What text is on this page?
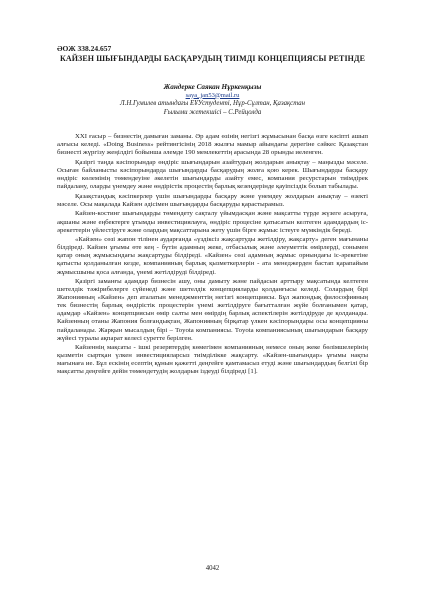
ӘОЖ 338.24.657
КАЙЗЕН ШЫҒЫНДАРДЫ БАСҚАРУДЫҢ ТИІМДІ КОНЦЕПЦИЯСЫ РЕТІНДЕ
Жандерке Саякан Нұркенқызы
saya_jan53@mail.ru
Л.Н.Гумилев атындағы ЕҰУстудентi, Нұр-Сұлтан, Қазақстан
Ғылыми жетекшісі – С.Рейцолда

ХХІ ғасыр – бизнестің дамыған заманы. Әр адам өзінің негізгі жұмысынан басқа өзге кәсіпті ашып алғысы келеді. «Doing Business» рейтингісінің 2018 жылғы мамыр айындағы дерегіне сәйкес Қазақстан бизнесті жүргізу жеңілдігі бойынша әлемде 190 мемлекеттің арасында 28 орынды иеленген.

Қазіргі таңда кәсіпорындар өндіріс шығындарын азайтудың жолдарын анықтау – маңызды мәселе. Осыған байланысты кәсіпорындарда шығындарды басқарудың жолға қою керек. Шығындарды басқару өндіріс көлемінің төмендеуіне әкелетін шығындарды азайту емес, компания ресурстарын тиімдірек пайдалану, оларды үнемдеу және өндірістік процестің барлық кезеңдерінде қауіпсіздік болып табылады.

Қазақстандық кәсіпкерлер үшін шығындарды басқару және үнемдеу жолдарын анықтау – өзекті мәселе. Осы мақалада Кайзен әдісімен шығындарды басқаруды қарастырамыз.

Кайзен-костинг шығындарды төмендету сақталу үйымдасқан және мақсатты түрде жүзеге асыруға, ақшаны және еңбектерге ұтымды инвестициялауға, өндіріс процесіне қатысатын келтеген адамдардың іс-әрекеттерін үйлестіруге және олардың мақсаттарына жету үшін бірге жұмыс істеуге мүмкіндік береді.

«Кайзен» сөзі жапон тілінен аударғанда «үздіксіз жақсартуды жетілдіру, жақсарту» деген мағынаны білдіреді. Кайзен ұғымы өте кең - бүтін адамның жеке, отбасылық және әлеуметтік өмірлерді, сонымен қатар оның жұмысындағы жақсартуды білдіреді. «Кайзен» сөзі адамның жұмыс орнындағы іс-әрекетіне қатысты қолданылған кезде, компанияның барлық қызметкерлерін - ата менеджерден бастап қарапайым жұмысшыны қоса алғанда, үнемі жетілдіруді білдіреді.

Қазіргі заманғы адамдар бизнесін ашу, оны дамыту және пайдасын арттыру мақсатында келтеген шетелдік тәжірибелерге сүйенеді және шетелдік концепцияларды қолданғысы келеді. Солардың бірі Жапонияның «Кайзен» деп аталатын менеджменттің негізгі концепциясы. Бұл жапондық философияның тек бизнестің барлық өндірістік процестерін үнемі жетілдіруге бағытталған жүйе болғанымен қатар, адамдар «Кайзен» концепциясын өмір салты мен өмірдің барлық аспектілерін жетілдіруде де қолданады. Кайзенның отаны Жапония болғандықтан, Жапонияның бірқатар үлкен кәсіпорындары осы концепцияны пайдаланады. Жарқын мысалдың бірі – Toyota компаниясы. Toyota компаниясының шығындарын басқару жүйесі туралы ақпарат келесі суретте берілген.

Кайзеннің мақсаты - ішкі резервтердің көмегімен компанияның немесе оның жеке бөлімшелерінің қызметін сыртқан үлкен инвестицияларсыз тиімділікке жақсарту. «Кайзен-шығындар» ұғымы нақты мағынаға ие. Бұл ескінің есептің құнын қажетті деңгейге қамтамасыз етуді және шығындардың белгілі бір мақсатты деңгейге дейін төмендетудің жолдарын іздеуді білдіреді [1].

4042
